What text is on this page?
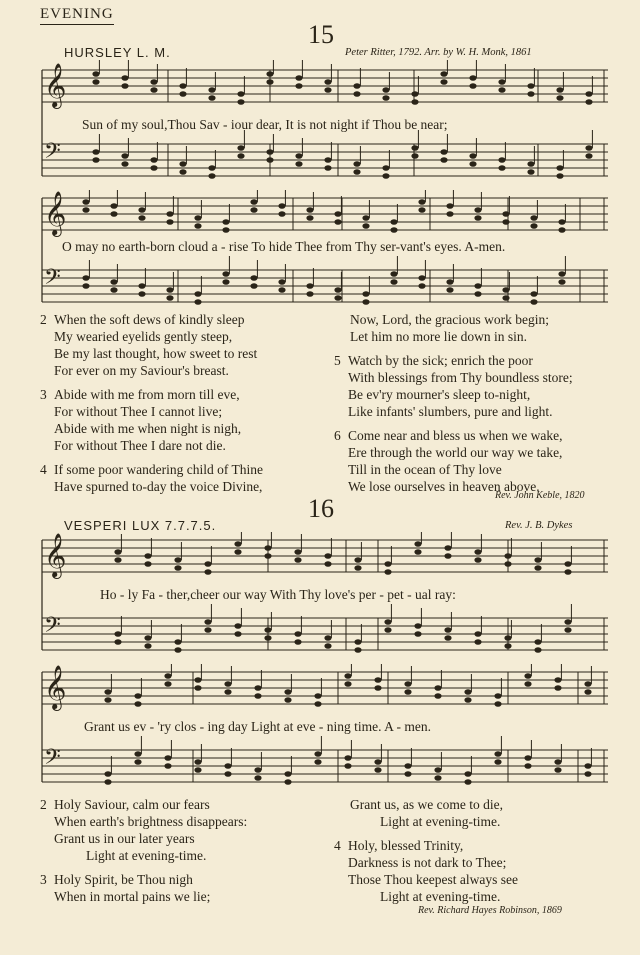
EVENING
15
HURSLEY L. M.	Peter Ritter, 1792. Arr. by W. H. Monk, 1861
𝄞
𝄢
Sun of my soul,Thou Sav - iour dear, It is not night if Thou be near;
𝄞
𝄢
O may no earth-born cloud a - rise To hide Thee from Thy ser-vant's eyes. A-men.
2 When the soft dews of kindly sleep
My wearied eyelids gently steep,
Be my last thought, how sweet to rest
For ever on my Saviour's breast.
3 Abide with me from morn till eve,
For without Thee I cannot live;
Abide with me when night is nigh,
For without Thee I dare not die.
4 If some poor wandering child of Thine
Have spurned to-day the voice Divine,
Now, Lord, the gracious work begin;
Let him no more lie down in sin.
5 Watch by the sick; enrich the poor
With blessings from Thy boundless store;
Be ev'ry mourner's sleep to-night,
Like infants' slumbers, pure and light.
6 Come near and bless us when we wake,
Ere through the world our way we take,
Till in the ocean of Thy love
We lose ourselves in heaven above.
Rev. John Keble, 1820
16
VESPERI LUX 7.7.7.5.	Rev. J. B. Dykes
𝄞
𝄢
Ho - ly Fa - ther,cheer our way With Thy love's per - pet - ual ray:
𝄞
𝄢
Grant us ev - 'ry clos - ing day Light at eve - ning time. A - men.
2 Holy Saviour, calm our fears
When earth's brightness disappears:
Grant us in our later years
Light at evening-time.
3 Holy Spirit, be Thou nigh
When in mortal pains we lie;
Grant us, as we come to die,
Light at evening-time.
4 Holy, blessed Trinity,
Darkness is not dark to Thee;
Those Thou keepest always see
Light at evening-time.
Rev. Richard Hayes Robinson, 1869
